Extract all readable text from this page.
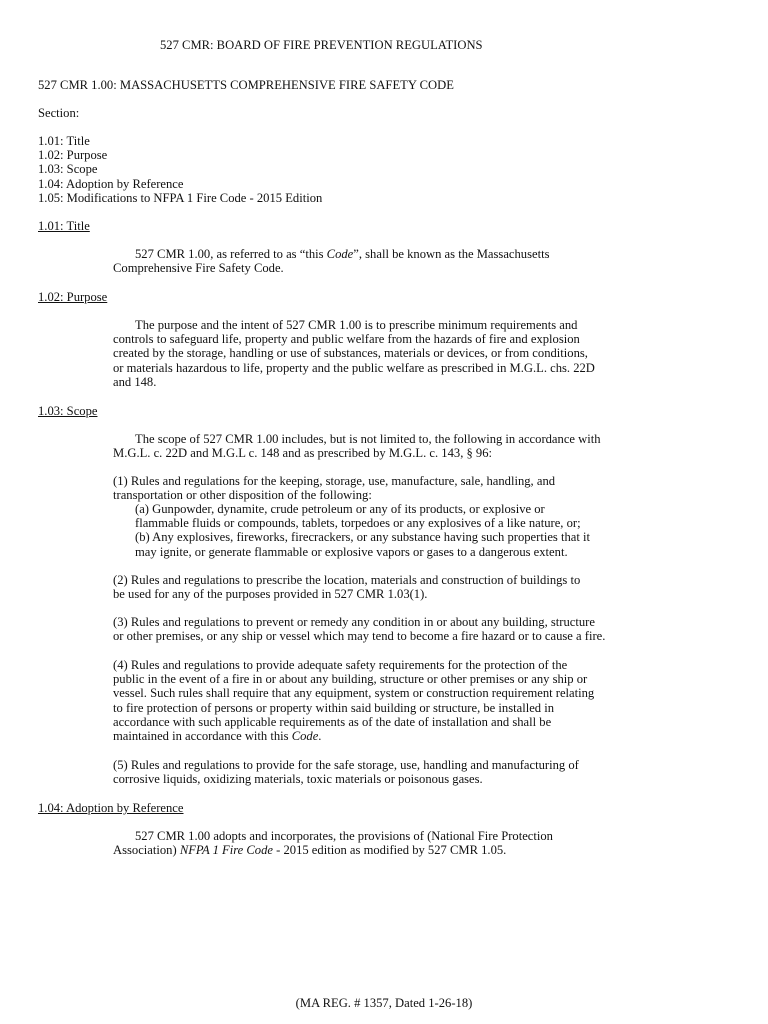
527 CMR: BOARD OF FIRE PREVENTION REGULATIONS
527 CMR 1.00: MASSACHUSETTS COMPREHENSIVE FIRE SAFETY CODE
Section:
1.01: Title
1.02: Purpose
1.03: Scope
1.04: Adoption by Reference
1.05: Modifications to NFPA 1 Fire Code - 2015 Edition
1.01: Title
527 CMR 1.00, as referred to as “this Code”, shall be known as the Massachusetts
Comprehensive Fire Safety Code.
1.02: Purpose
The purpose and the intent of 527 CMR 1.00 is to prescribe minimum requirements and
controls to safeguard life, property and public welfare from the hazards of fire and explosion
created by the storage, handling or use of substances, materials or devices, or from conditions,
or materials hazardous to life, property and the public welfare as prescribed in M.G.L. chs. 22D
and 148.
1.03: Scope
The scope of 527 CMR 1.00 includes, but is not limited to, the following in accordance with
M.G.L. c. 22D and M.G.L c. 148 and as prescribed by M.G.L. c. 143, § 96:
(1) Rules and regulations for the keeping, storage, use, manufacture, sale, handling, and
transportation or other disposition of the following:
(a) Gunpowder, dynamite, crude petroleum or any of its products, or explosive or
flammable fluids or compounds, tablets, torpedoes or any explosives of a like nature, or;
(b) Any explosives, fireworks, firecrackers, or any substance having such properties that it
may ignite, or generate flammable or explosive vapors or gases to a dangerous extent.
(2) Rules and regulations to prescribe the location, materials and construction of buildings to
be used for any of the purposes provided in 527 CMR 1.03(1).
(3) Rules and regulations to prevent or remedy any condition in or about any building, structure
or other premises, or any ship or vessel which may tend to become a fire hazard or to cause a fire.
(4) Rules and regulations to provide adequate safety requirements for the protection of the
public in the event of a fire in or about any building, structure or other premises or any ship or
vessel. Such rules shall require that any equipment, system or construction requirement relating
to fire protection of persons or property within said building or structure, be installed in
accordance with such applicable requirements as of the date of installation and shall be
maintained in accordance with this Code.
(5) Rules and regulations to provide for the safe storage, use, handling and manufacturing of
corrosive liquids, oxidizing materials, toxic materials or poisonous gases.
1.04: Adoption by Reference
527 CMR 1.00 adopts and incorporates, the provisions of (National Fire Protection
Association) NFPA 1 Fire Code - 2015 edition as modified by 527 CMR 1.05.
(MA REG. # 1357, Dated 1-26-18)
